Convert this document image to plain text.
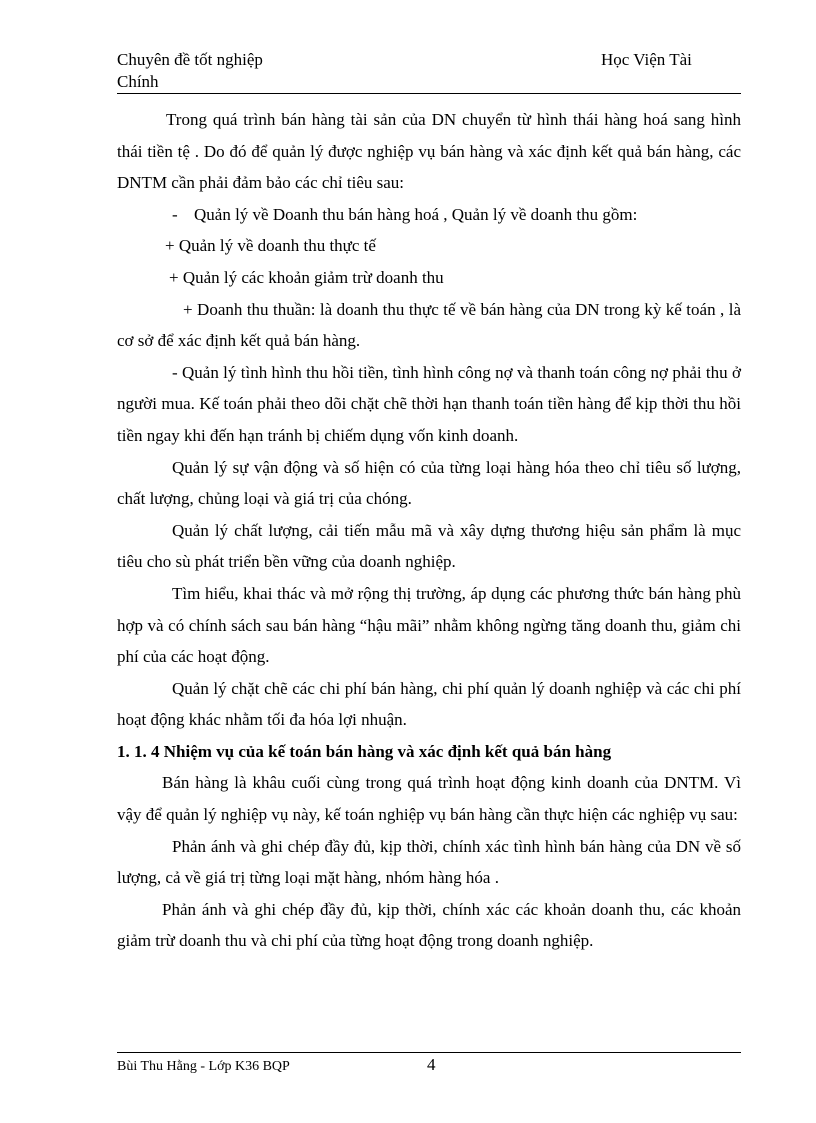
Chuyên đề tốt nghiệp
Chính
Học Viện Tài

Trong quá trình bán hàng tài sản của DN chuyển từ hình thái hàng hoá sang hình thái tiền tệ . Do đó để quản lý được nghiệp vụ bán hàng và xác định kết quả bán hàng, các DNTM cần phải đảm bảo các chỉ tiêu sau:

- Quản lý về Doanh thu bán hàng hoá , Quản lý về doanh thu gồm:

+ Quản lý về doanh thu thực tế

+ Quản lý các khoản giảm trừ doanh thu

+ Doanh thu thuần: là doanh thu thực tế về bán hàng của DN trong kỳ kế toán , là cơ sở để xác định kết quả bán hàng.

- Quản lý tình hình thu hồi tiền, tình hình công nợ và thanh toán công nợ phải thu ở người mua. Kế toán phải theo dõi chặt chẽ thời hạn thanh toán tiền hàng để kịp thời thu hồi tiền ngay khi đến hạn tránh bị chiếm dụng vốn kinh doanh.

Quản lý sự vận động và số hiện có của từng loại hàng hóa theo chỉ tiêu số lượng, chất lượng, chủng loại và giá trị của chóng.

Quản lý chất lượng, cải tiến mẫu mã và xây dựng thương hiệu sản phẩm là mục tiêu cho sù phát triển bền vững của doanh nghiệp.

Tìm hiểu, khai thác và mở rộng thị trường, áp dụng các phương thức bán hàng phù hợp và có chính sách sau bán hàng “hậu mãi” nhằm không ngừng tăng doanh thu, giảm chi phí của các hoạt động.

Quản lý chặt chẽ các chi phí bán hàng, chi phí quản lý doanh nghiệp và các chi phí hoạt động khác nhằm tối đa hóa lợi nhuận.

1. 1. 4 Nhiệm vụ của kế toán bán hàng và xác định kết quả bán hàng

Bán hàng là khâu cuối cùng trong quá trình hoạt động kinh doanh của DNTM. Vì vậy để quản lý nghiệp vụ này, kế toán nghiệp vụ bán hàng cần thực hiện các nghiệp vụ sau:

Phản ánh và ghi chép đầy đủ, kịp thời, chính xác tình hình bán hàng của DN về số lượng, cả về giá trị từng loại mặt hàng, nhóm hàng hóa .

Phản ánh và ghi chép đầy đủ, kịp thời, chính xác các khoản doanh thu, các khoản giảm trừ doanh thu và chi phí của từng hoạt động trong doanh nghiệp.

Bùi Thu Hằng - Lớp K36 BQP	4
